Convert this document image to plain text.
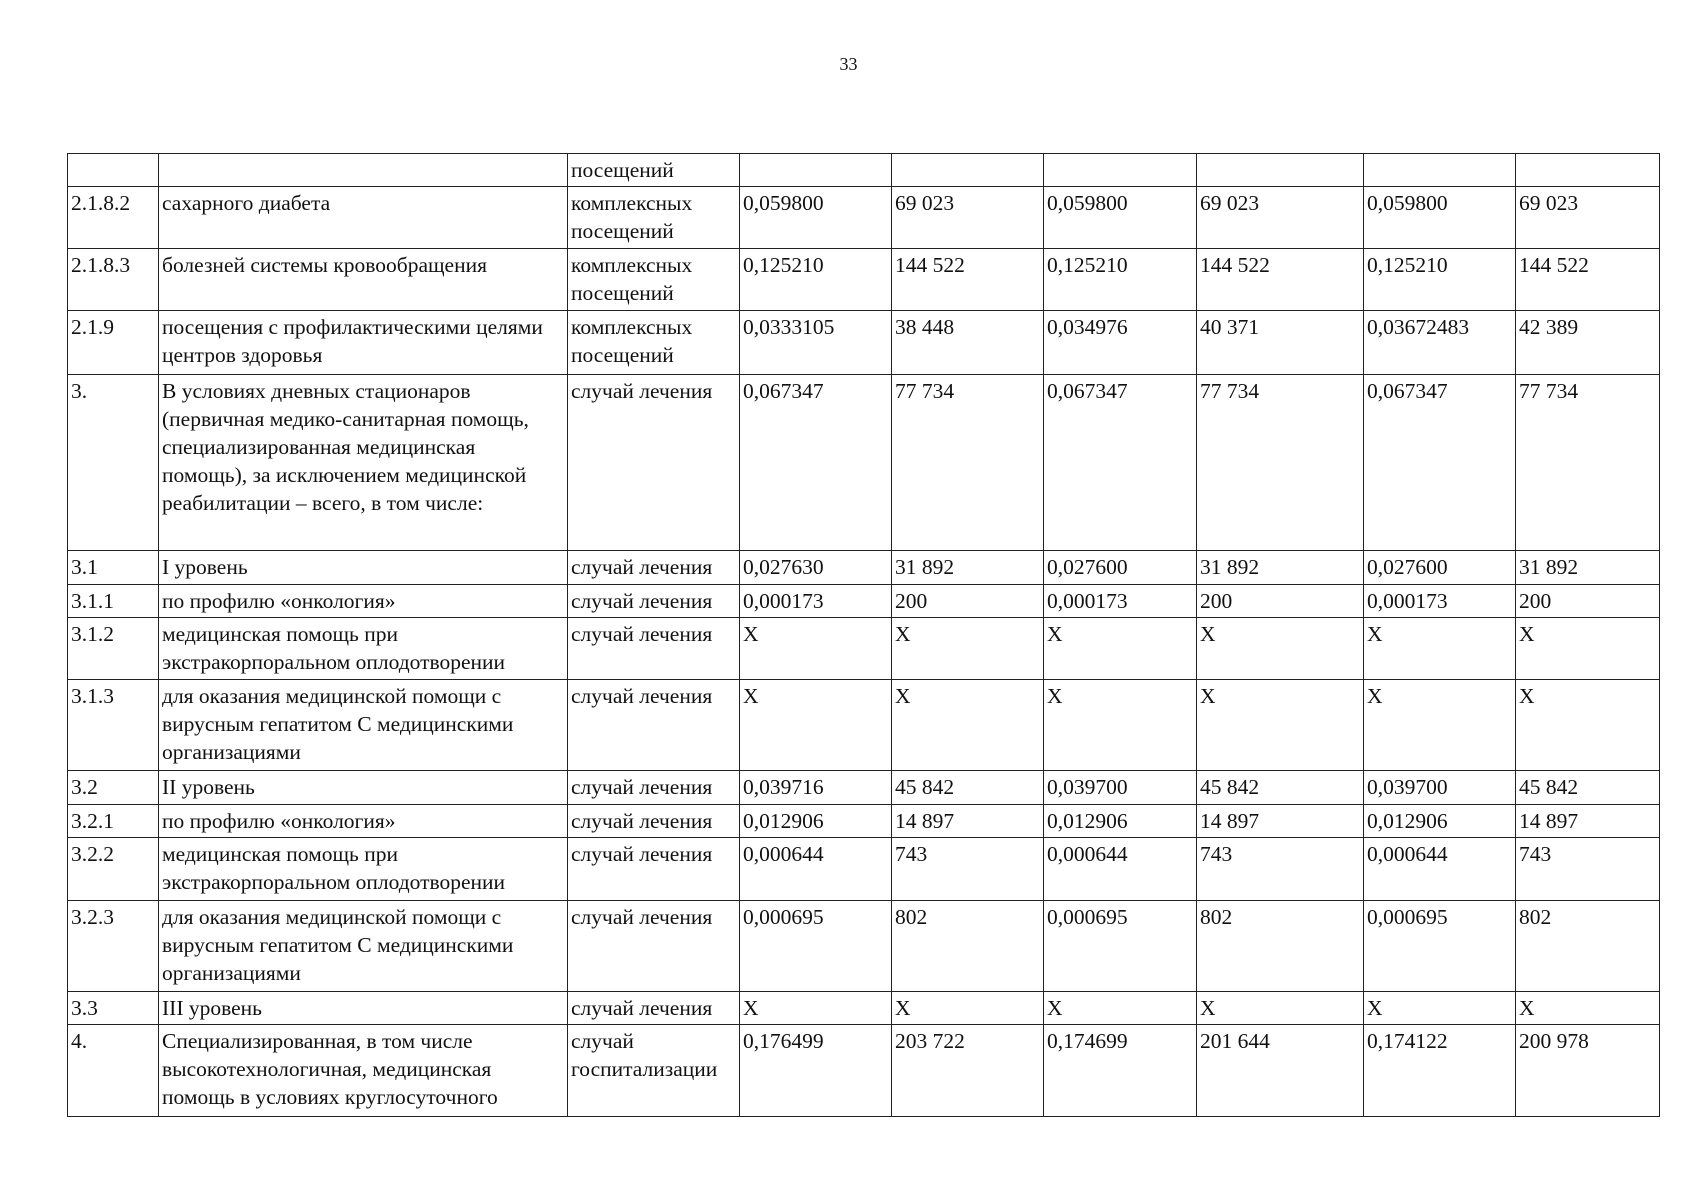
33
		посещений						
2.1.8.2	сахарного диабета	комплексных посещений	0,059800	69 023	0,059800	69 023	0,059800	69 023
2.1.8.3	болезней системы кровообращения	комплексных посещений	0,125210	144 522	0,125210	144 522	0,125210	144 522
2.1.9	посещения с профилактическими целями центров здоровья	комплексных посещений	0,0333105	38 448	0,034976	40 371	0,03672483	42 389
3.	В условиях дневных стационаров (первичная медико-санитарная помощь, специализированная медицинская помощь), за исключением медицинской реабилитации – всего, в том числе:	случай лечения	0,067347	77 734	0,067347	77 734	0,067347	77 734
3.1	I уровень	случай лечения	0,027630	31 892	0,027600	31 892	0,027600	31 892
3.1.1	по профилю «онкология»	случай лечения	0,000173	200	0,000173	200	0,000173	200
3.1.2	медицинская помощь при экстракорпоральном оплодотворении	случай лечения	X	X	X	X	X	X
3.1.3	для оказания медицинской помощи с вирусным гепатитом С медицинскими организациями	случай лечения	X	X	X	X	X	X
3.2	II уровень	случай лечения	0,039716	45 842	0,039700	45 842	0,039700	45 842
3.2.1	по профилю «онкология»	случай лечения	0,012906	14 897	0,012906	14 897	0,012906	14 897
3.2.2	медицинская помощь при экстракорпоральном оплодотворении	случай лечения	0,000644	743	0,000644	743	0,000644	743
3.2.3	для оказания медицинской помощи с вирусным гепатитом С медицинскими организациями	случай лечения	0,000695	802	0,000695	802	0,000695	802
3.3	III уровень	случай лечения	X	X	X	X	X	X
4.	Специализированная, в том числе высокотехнологичная, медицинская помощь в условиях круглосуточного	случай госпитализации	0,176499	203 722	0,174699	201 644	0,174122	200 978
